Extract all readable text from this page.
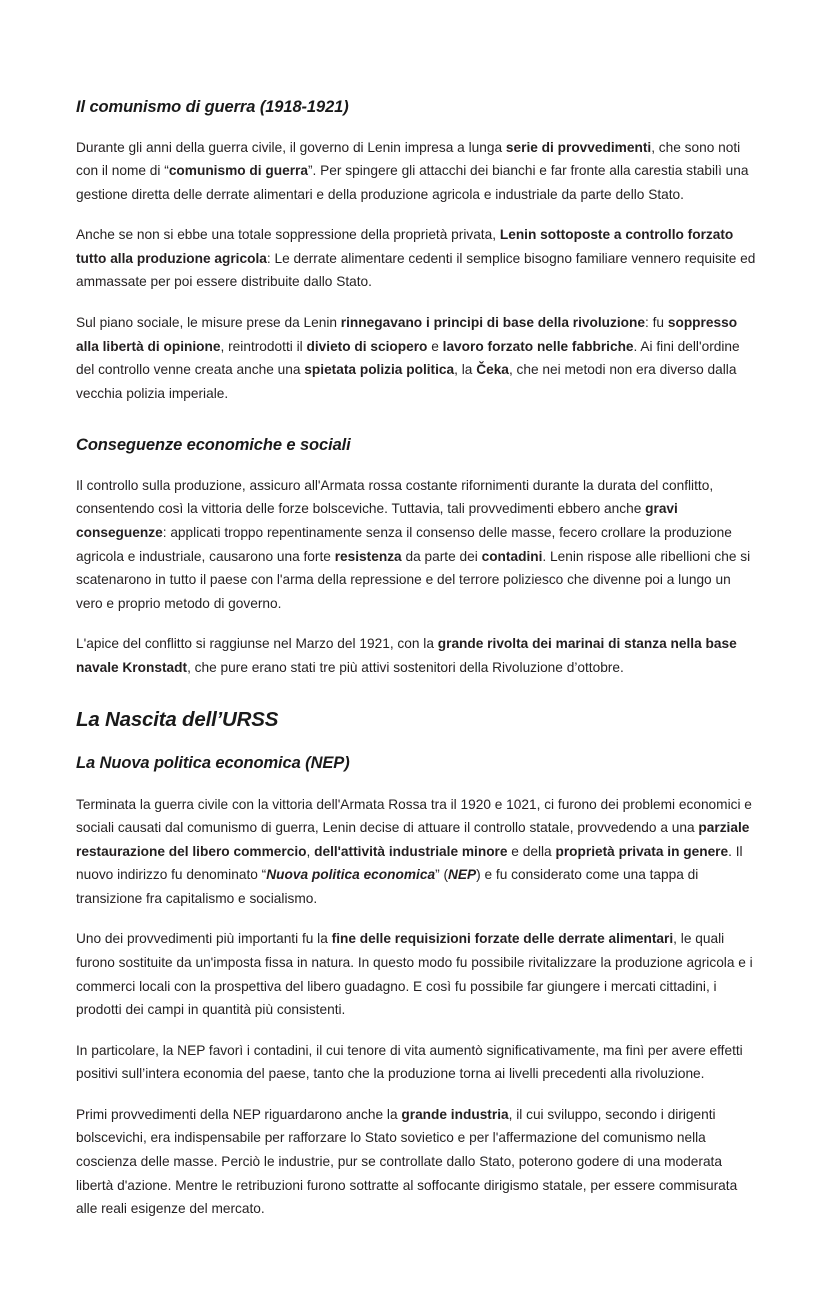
Il comunismo di guerra (1918-1921)

Durante gli anni della guerra civile, il governo di Lenin impresa a lunga serie di provvedimenti, che sono noti con il nome di “comunismo di guerra”. Per spingere gli attacchi dei bianchi e far fronte alla carestia stabilì una gestione diretta delle derrate alimentari e della produzione agricola e industriale da parte dello Stato.

Anche se non si ebbe una totale soppressione della proprietà privata, Lenin sottoposte a controllo forzato tutto alla produzione agricola: Le derrate alimentare cedenti il semplice bisogno familiare vennero requisite ed ammassate per poi essere distribuite dallo Stato.

Sul piano sociale, le misure prese da Lenin rinnegavano i principi di base della rivoluzione: fu soppresso alla libertà di opinione, reintrodotti il divieto di sciopero e lavoro forzato nelle fabbriche. Ai fini dell'ordine del controllo venne creata anche una spietata polizia politica, la Čeka, che nei metodi non era diverso dalla vecchia polizia imperiale.

Conseguenze economiche e sociali

Il controllo sulla produzione, assicuro all'Armata rossa costante rifornimenti durante la durata del conflitto, consentendo così la vittoria delle forze bolsceviche. Tuttavia, tali provvedimenti ebbero anche gravi conseguenze: applicati troppo repentinamente senza il consenso delle masse, fecero crollare la produzione agricola e industriale, causarono una forte resistenza da parte dei contadini. Lenin rispose alle ribellioni che si scatenarono in tutto il paese con l'arma della repressione e del terrore poliziesco che divenne poi a lungo un vero e proprio metodo di governo.

L'apice del conflitto si raggiunse nel Marzo del 1921, con la grande rivolta dei marinai di stanza nella base navale Kronstadt, che pure erano stati tre più attivi sostenitori della Rivoluzione d’ottobre.

La Nascita dell’URSS
La Nuova politica economica (NEP)

Terminata la guerra civile con la vittoria dell'Armata Rossa tra il 1920 e 1021, ci furono dei problemi economici e sociali causati dal comunismo di guerra, Lenin decise di attuare il controllo statale, provvedendo a una parziale restaurazione del libero commercio, dell'attività industriale minore e della proprietà privata in genere. Il nuovo indirizzo fu denominato “Nuova politica economica” (NEP) e fu considerato come una tappa di transizione fra capitalismo e socialismo.

Uno dei provvedimenti più importanti fu la fine delle requisizioni forzate delle derrate alimentari, le quali furono sostituite da un'imposta fissa in natura. In questo modo fu possibile rivitalizzare la produzione agricola e i commerci locali con la prospettiva del libero guadagno. E così fu possibile far giungere i mercati cittadini, i prodotti dei campi in quantità più consistenti.

In particolare, la NEP favorì i contadini, il cui tenore di vita aumentò significativamente, ma finì per avere effetti positivi sull’intera economia del paese, tanto che la produzione torna ai livelli precedenti alla rivoluzione.

Primi provvedimenti della NEP riguardarono anche la grande industria, il cui sviluppo, secondo i dirigenti bolscevichi, era indispensabile per rafforzare lo Stato sovietico e per l'affermazione del comunismo nella coscienza delle masse. Perciò le industrie, pur se controllate dallo Stato, poterono godere di una moderata libertà d'azione. Mentre le retribuzioni furono sottratte al soffocante dirigismo statale, per essere commisurata alle reali esigenze del mercato.
